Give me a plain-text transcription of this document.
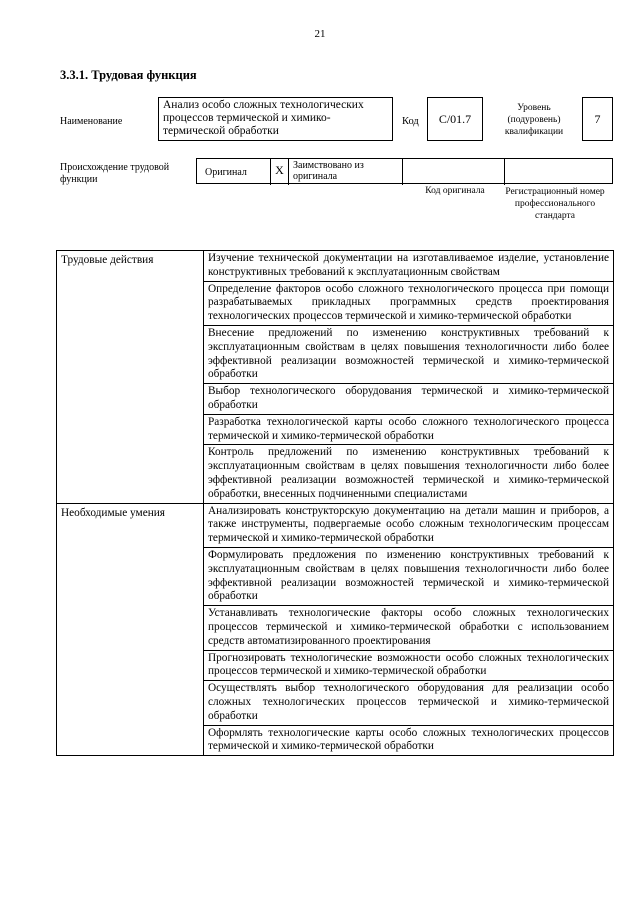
21
3.3.1. Трудовая функция
Наименование
Анализ особо сложных технологических процессов термической и химико-термической обработки
Код	C/01.7
Уровень (подуровень) квалификации
7
Происхождение трудовой функции
Оригинал	X Заимствовано из оригинала
Код оригинала	Регистрационный номер профессионального стандарта
Трудовые действия	Изучение технической документации на изготавливаемое изделие, установление конструктивных требований к эксплуатационным свойствам
	Определение факторов особо сложного технологического процесса при помощи разрабатываемых прикладных программных средств проектирования технологических процессов термической и химико-термической обработки
	Внесение предложений по изменению конструктивных требований к эксплуатационным свойствам в целях повышения технологичности либо более эффективной реализации возможностей термической и химико-термической обработки
	Выбор технологического оборудования термической и химико-термической обработки
	Разработка технологической карты особо сложного технологического процесса термической и химико-термической обработки
	Контроль предложений по изменению конструктивных требований к эксплуатационным свойствам в целях повышения технологичности либо более эффективной реализации возможностей термической и химико-термической обработки, внесенных подчиненными специалистами
Необходимые умения	Анализировать конструкторскую документацию на детали машин и приборов, а также инструменты, подвергаемые особо сложным технологическим процессам термической и химико-термической обработки
	Формулировать предложения по изменению конструктивных требований к эксплуатационным свойствам в целях повышения технологичности либо более эффективной реализации возможностей термической и химико-термической обработки
	Устанавливать технологические факторы особо сложных технологических процессов термической и химико-термической обработки с использованием средств автоматизированного проектирования
	Прогнозировать технологические возможности особо сложных технологических процессов термической и химико-термической обработки
	Осуществлять выбор технологического оборудования для реализации особо сложных технологических процессов термической и химико-термической обработки
	Оформлять технологические карты особо сложных технологических процессов термической и химико-термической обработки
